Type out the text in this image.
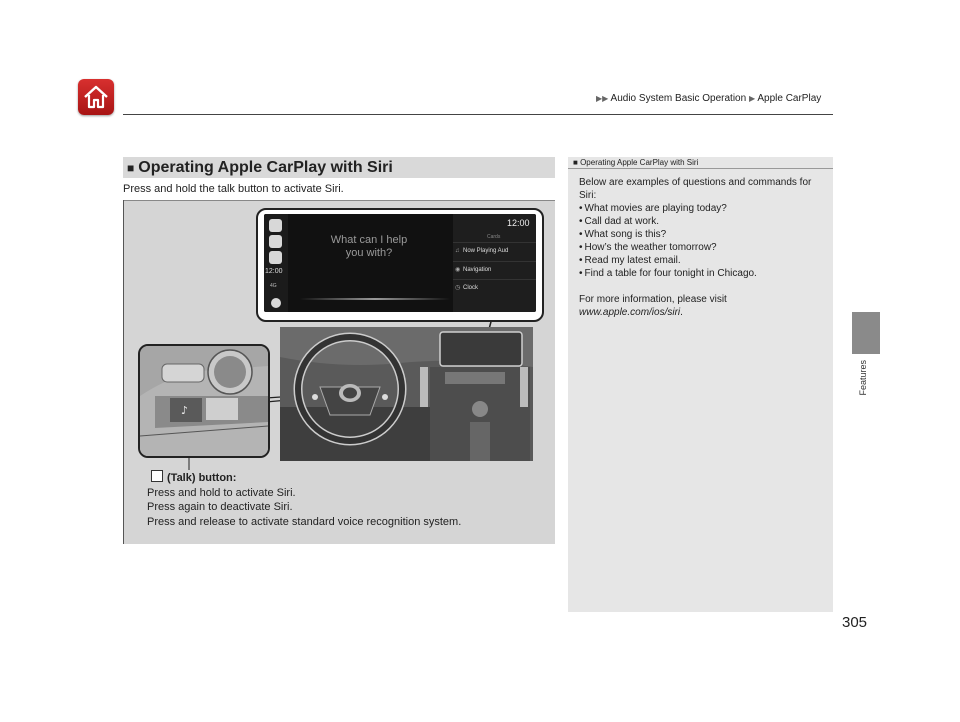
▶▶ Audio System Basic Operation ▶ Apple CarPlay
Features
■ Operating Apple CarPlay with Siri
Press and hold the talk button to activate Siri.
12:00
4G
What can I help you with?
12:00
Cards
♫ Now Playing Aud
◉ Navigation
◷ Clock
♪
(Talk) button:
Press and hold to activate Siri.
Press again to deactivate Siri.
Press and release to activate standard voice recognition system.
■ Operating Apple CarPlay with Siri

Below are examples of questions and commands for Siri:

• What movies are playing today?
• Call dad at work.
• What song is this?
• How’s the weather tomorrow?
• Read my latest email.
• Find a table for four tonight in Chicago.

For more information, please visit

www.apple.com/ios/siri.

305
